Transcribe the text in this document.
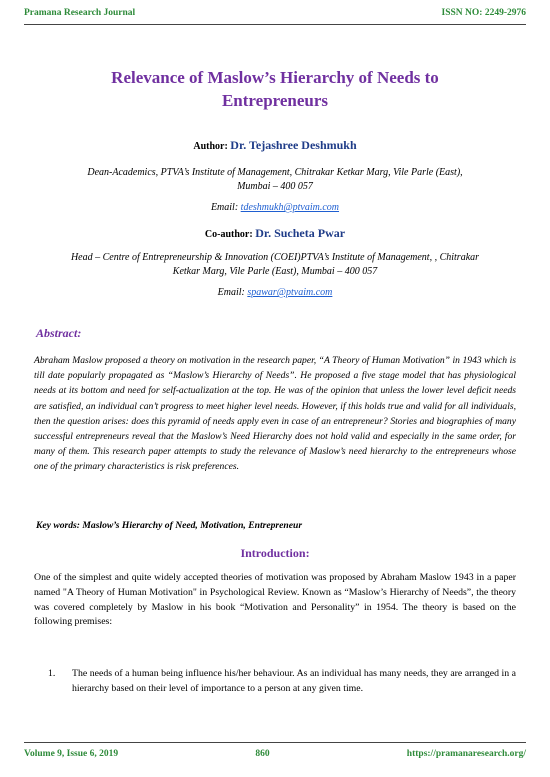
Pramana Research Journal	ISSN NO: 2249-2976
Relevance of Maslow’s Hierarchy of Needs to Entrepreneurs
Author: Dr. Tejashree Deshmukh
Dean-Academics, PTVA’s Institute of Management, Chitrakar Ketkar Marg, Vile Parle (East), Mumbai – 400 057
Email: tdeshmukh@ptvaim.com
Co-author: Dr. Sucheta Pwar
Head – Centre of Entrepreneurship & Innovation (COEI)PTVA’s Institute of Management, , Chitrakar Ketkar Marg, Vile Parle (East), Mumbai – 400 057
Email: spawar@ptvaim.com
Abstract:
Abraham Maslow proposed a theory on motivation in the research paper, “A Theory of Human Motivation” in 1943 which is till date popularly propagated as “Maslow’s Hierarchy of Needs”. He proposed a five stage model that has physiological needs at its bottom and need for self-actualization at the top. He was of the opinion that unless the lower level deficit needs are satisfied, an individual can’t progress to meet higher level needs. However, if this holds true and valid for all individuals, then the question arises: does this pyramid of needs apply even in case of an entrepreneur? Stories and biographies of many successful entrepreneurs reveal that the Maslow’s Need Hierarchy does not hold valid and especially in the same order, for many of them. This research paper attempts to study the relevance of Maslow’s need hierarchy to the entrepreneurs whose one of the primary characteristics is risk preferences.
Key words: Maslow’s Hierarchy of Need, Motivation, Entrepreneur
Introduction:
One of the simplest and quite widely accepted theories of motivation was proposed by Abraham Maslow 1943 in a paper named "A Theory of Human Motivation" in Psychological Review. Known as “Maslow’s Hierarchy of Needs”, the theory was covered completely by Maslow in his book “Motivation and Personality” in 1954. The theory is based on the following premises:
1.	The needs of a human being influence his/her behaviour. As an individual has many needs, they are arranged in a hierarchy based on their level of importance to a person at any given time.
Volume 9, Issue 6, 2019	860	https://pramanaresearch.org/
